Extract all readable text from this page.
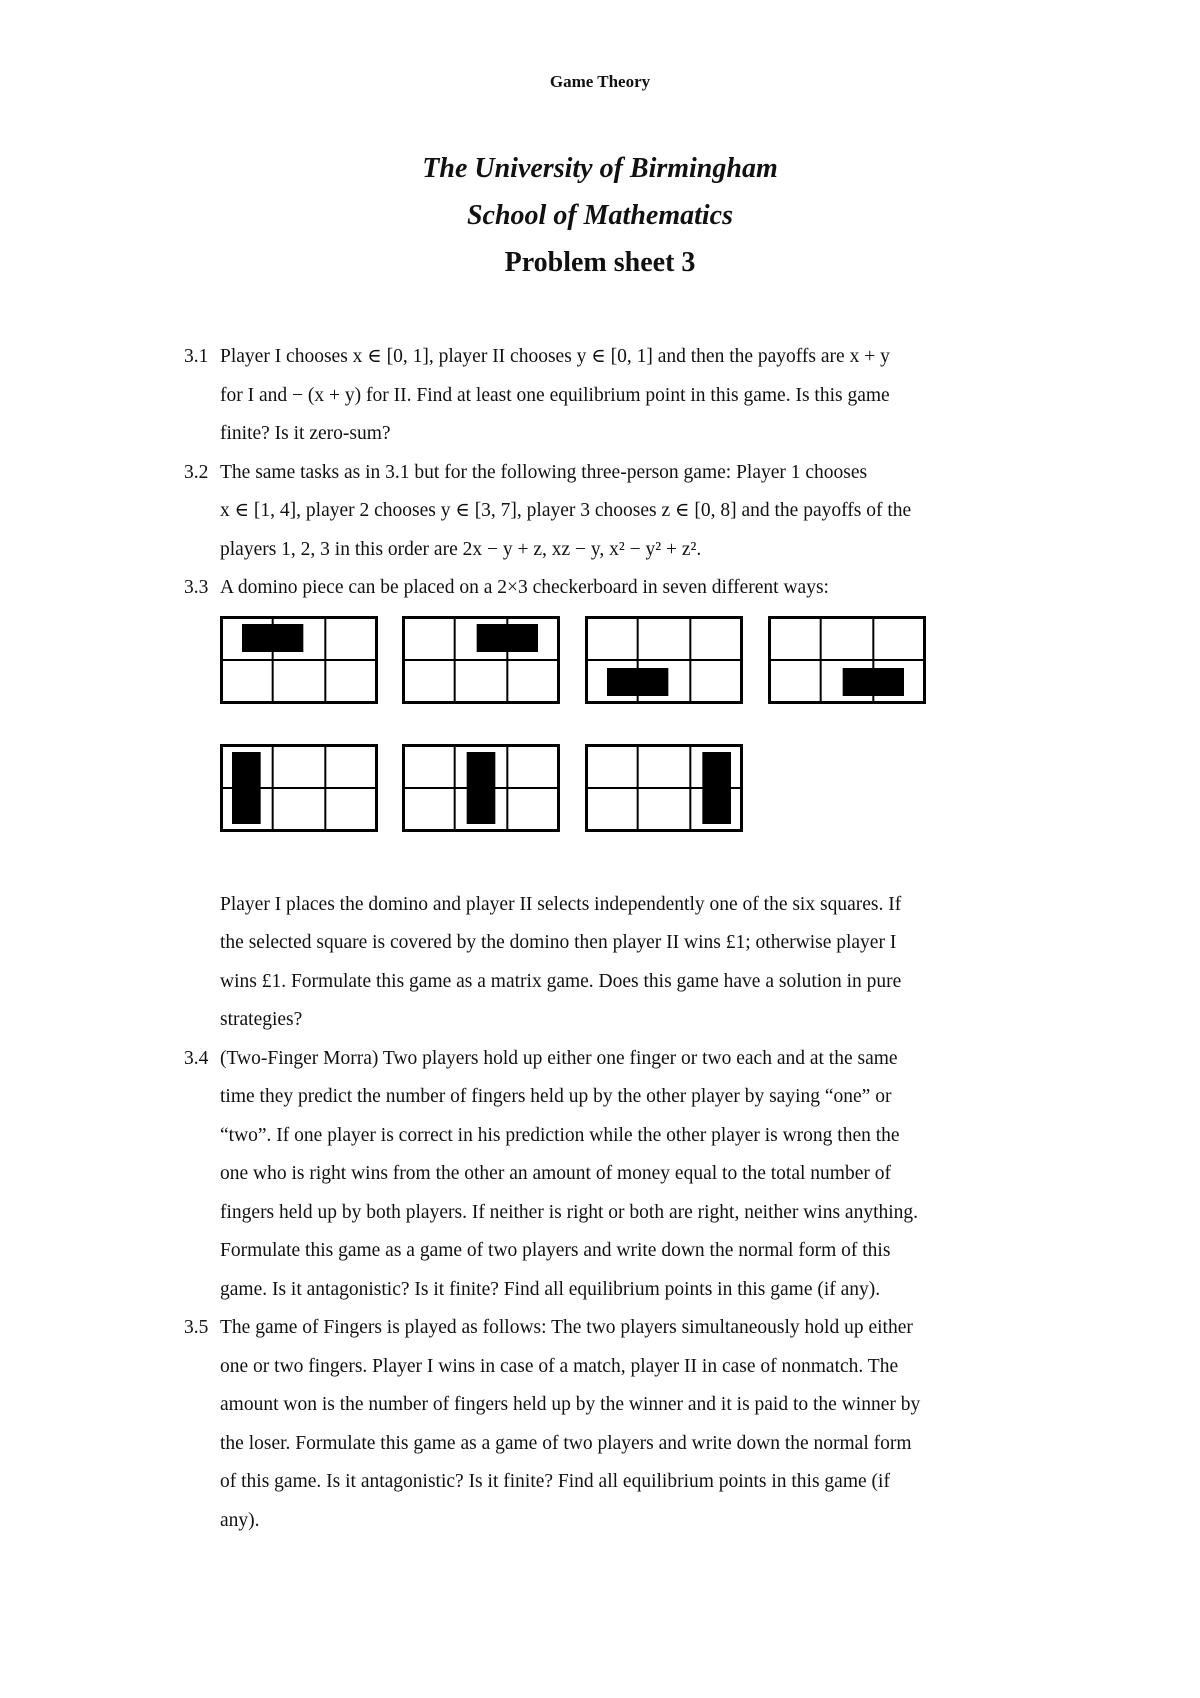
Game Theory
The University of Birmingham
School of Mathematics
Problem sheet 3
3.1 Player I chooses x ∈ [0, 1], player II chooses y ∈ [0, 1] and then the payoffs are x + y

for I and − (x + y) for II. Find at least one equilibrium point in this game. Is this game

finite? Is it zero-sum?

3.2 The same tasks as in 3.1 but for the following three-person game: Player 1 chooses

x ∈ [1, 4], player 2 chooses y ∈ [3, 7], player 3 chooses z ∈ [0, 8] and the payoffs of the

players 1, 2, 3 in this order are 2x − y + z, xz − y, x² − y² + z².

3.3 A domino piece can be placed on a 2×3 checkerboard in seven different ways:

Player I places the domino and player II selects independently one of the six squares. If

the selected square is covered by the domino then player II wins £1; otherwise player I

wins £1. Formulate this game as a matrix game. Does this game have a solution in pure

strategies?

3.4 (Two-Finger Morra) Two players hold up either one finger or two each and at the same

time they predict the number of fingers held up by the other player by saying “one” or

“two”. If one player is correct in his prediction while the other player is wrong then the

one who is right wins from the other an amount of money equal to the total number of

fingers held up by both players. If neither is right or both are right, neither wins anything.

Formulate this game as a game of two players and write down the normal form of this

game. Is it antagonistic? Is it finite? Find all equilibrium points in this game (if any).

3.5 The game of Fingers is played as follows: The two players simultaneously hold up either

one or two fingers. Player I wins in case of a match, player II in case of nonmatch. The

amount won is the number of fingers held up by the winner and it is paid to the winner by

the loser. Formulate this game as a game of two players and write down the normal form

of this game. Is it antagonistic? Is it finite? Find all equilibrium points in this game (if

any).
